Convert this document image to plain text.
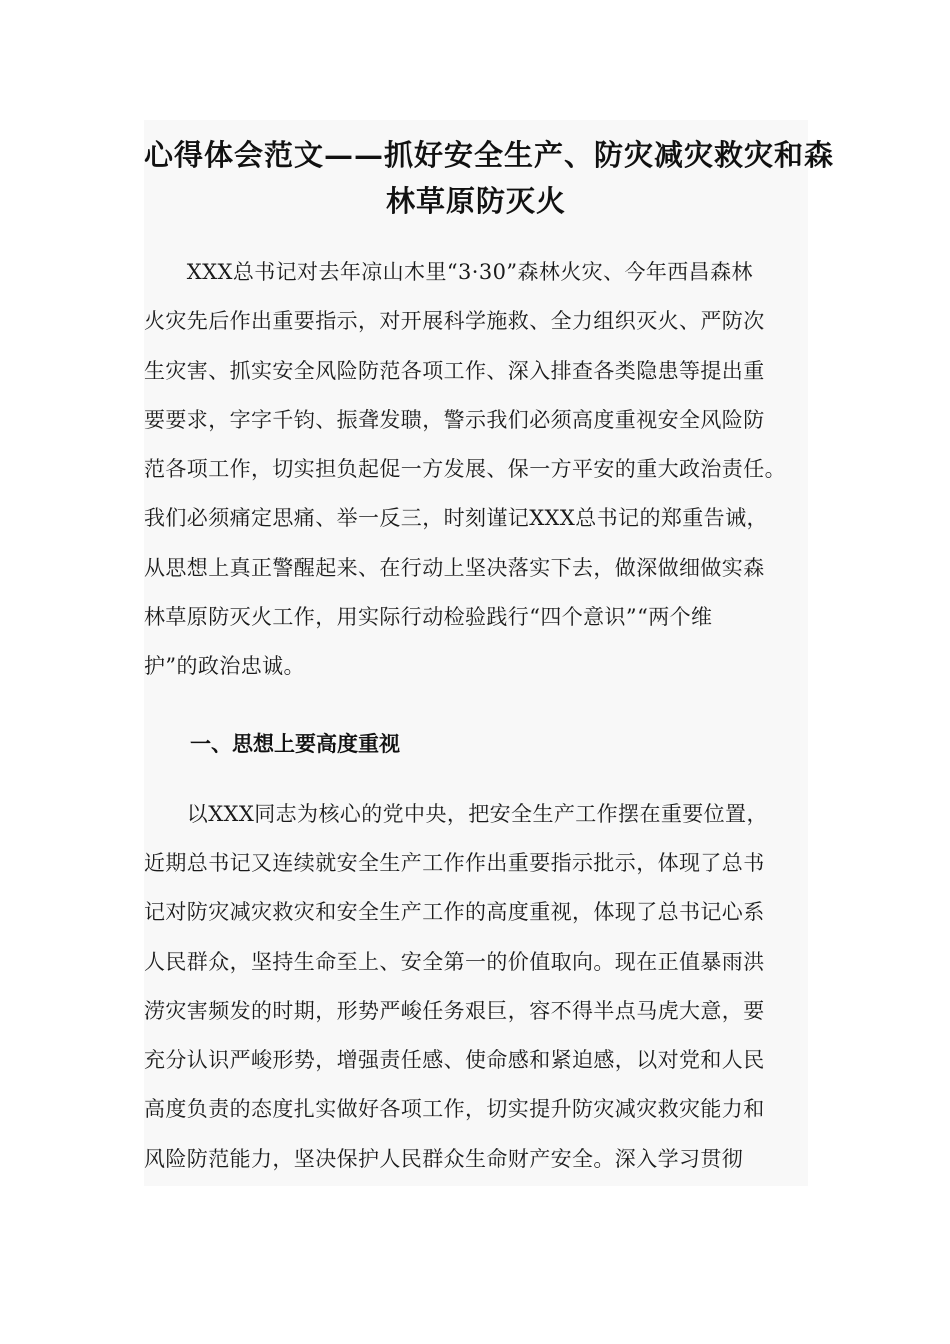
心得体会范文——抓好安全生产、防灾减灾救灾和森
林草原防灭火

　　XXX总书记对去年凉山木里“3·30”森林火灾、今年西昌森林
火灾先后作出重要指示，对开展科学施救、全力组织灭火、严防次
生灾害、抓实安全风险防范各项工作、深入排查各类隐患等提出重
要要求，字字千钧、振聋发聩，警示我们必须高度重视安全风险防
范各项工作，切实担负起促一方发展、保一方平安的重大政治责任。
我们必须痛定思痛、举一反三，时刻谨记XXX总书记的郑重告诫，
从思想上真正警醒起来、在行动上坚决落实下去，做深做细做实森
林草原防灭火工作，用实际行动检验践行“四个意识”“两个维
护”的政治忠诚。

一、思想上要高度重视

　　以XXX同志为核心的党中央，把安全生产工作摆在重要位置，
近期总书记又连续就安全生产工作作出重要指示批示，体现了总书
记对防灾减灾救灾和安全生产工作的高度重视，体现了总书记心系
人民群众，坚持生命至上、安全第一的价值取向。现在正值暴雨洪
涝灾害频发的时期，形势严峻任务艰巨，容不得半点马虎大意，要
充分认识严峻形势，增强责任感、使命感和紧迫感，以对党和人民
高度负责的态度扎实做好各项工作，切实提升防灾减灾救灾能力和
风险防范能力，坚决保护人民群众生命财产安全。深入学习贯彻
